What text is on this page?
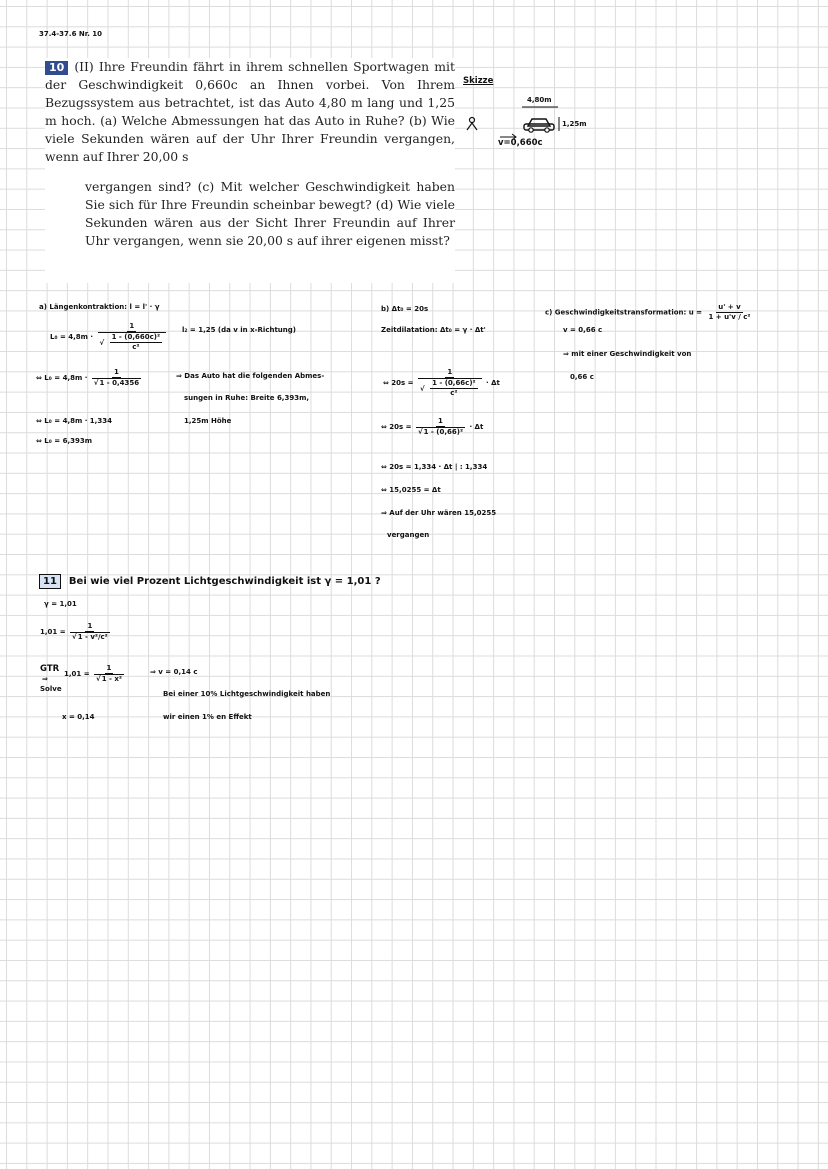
37.4-37.6 Nr. 10

10 (II) Ihre Freundin fährt in ihrem schnellen Sportwagen mit der Geschwindigkeit 0,660c an Ihnen vorbei. Von Ihrem Bezugssystem aus betrachtet, ist das Auto 4,80 m lang und 1,25 m hoch. (a) Welche Abmessungen hat das Auto in Ruhe? (b) Wie viele Sekunden wären auf der Uhr Ihrer Freundin vergangen, wenn auf Ihrer 20,00 s

vergangen sind? (c) Mit welcher Geschwindigkeit haben Sie sich für Ihre Freundin scheinbar bewegt? (d) Wie viele Sekunden wären aus der Sicht Ihrer Freundin auf Ihrer Uhr vergangen, wenn sie 20,00 s auf ihrer eigenen misst?

Skizze
4,80m
1,25m
v=0,660c
a) Längenkontraktion: l = l' · γ
L₀ = 4,8m · 1

√ $\frac{\text{1 - (0,660c)²}}{\text{c²}} l_2 = 1,25$ (da v in x-Richtung)
⇔ L₀ = 4,8m · 1
√ 1 - 0,4356	⇒ Das Auto hat die folgenden Abmes-
sungen in Ruhe: Breite 6,393m,
⇔ L₀ = 4,8m · 1,334	1,25m Höhe
⇔ L₀ = 6,393m
b) Δt₀ = 20s
Zeitdilatation: Δt₀ = γ · Δt'
⇔ 20s = 1

√ $\frac{\text{1 - (0,66c)²}}{\text{c²}} \cdot \Delta t$
⇔ 20s = 1
√ 1 - (0,66)² · Δt
⇔ 20s = 1,334 · Δt | : 1,334
⇔ 15,0255 = Δt
⇒ Auf der Uhr wären 15,0255
vergangen
c) Geschwindigkeitstransformation: $u = \frac{u' + v}{\text{1 + u'v / c²}}$
v = 0,66 c
⇒ mit einer Geschwindigkeit von
0,66 c
11 Bei wie viel Prozent Lichtgeschwindigkeit ist γ = 1,01 ?
γ = 1,01
1,01 = 1
√ 1 - v²/c²
GTR
⇒
Solve
1,01 = 1
√ 1 - x²	⇒ v = 0,14 c
Bei einer 10% Lichtgeschwindigkeit haben
x = 0,14	wir einen 1% en Effekt
